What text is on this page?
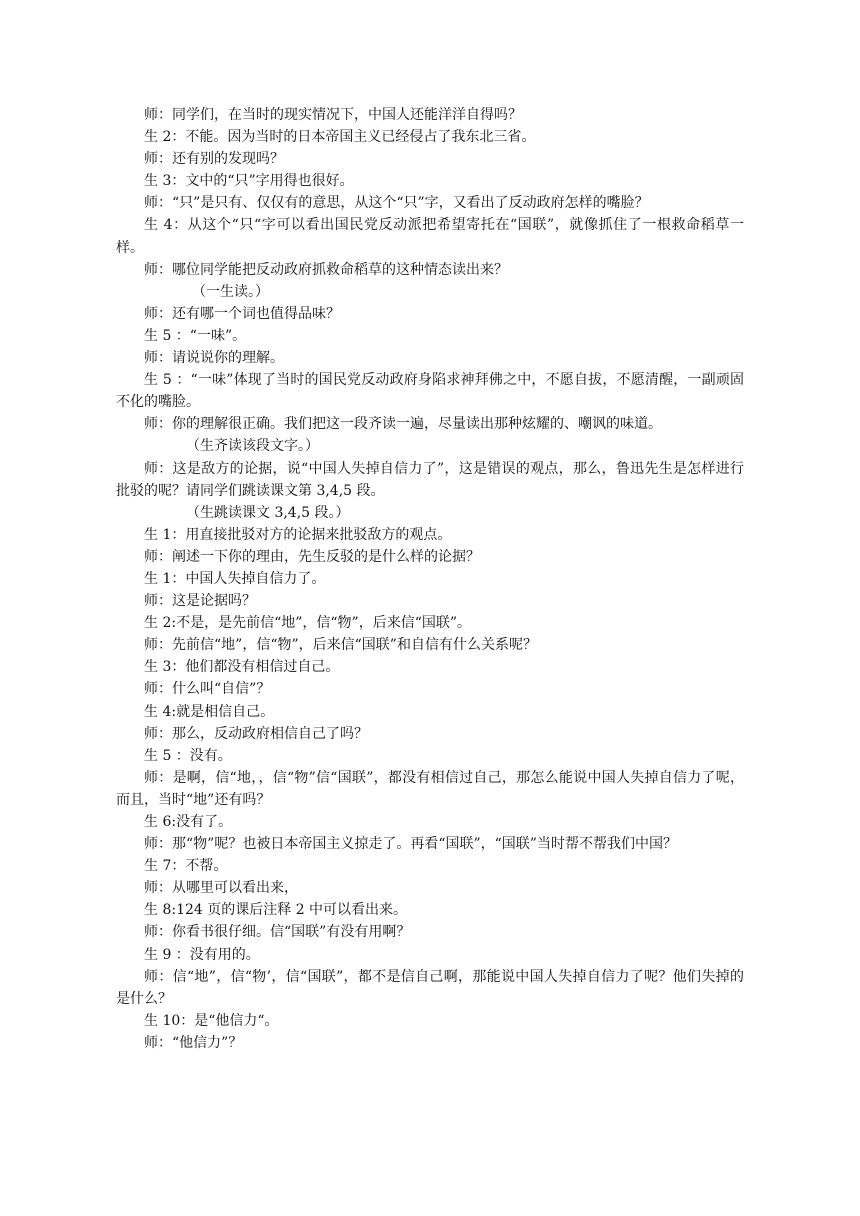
师：同学们，在当时的现实情况下，中国人还能洋洋自得吗？

生 2：不能。因为当时的日本帝国主义已经侵占了我东北三省。

师：还有别的发现吗？

生 3：文中的“只”字用得也很好。

师：“只”是只有、仅仅有的意思，从这个“只”字，又看出了反动政府怎样的嘴脸？

生 4：从这个“只“字可以看出国民党反动派把希望寄托在“国联”，就像抓住了一根救命稻草一样。

师：哪位同学能把反动政府抓救命稻草的这种情态读出来？

（一生读。）

师：还有哪一个词也值得品味？

生 5 ：“一味”。

师：请说说你的理解。

生 5 ：“一味”体现了当时的国民党反动政府身陷求神拜佛之中，不愿自拔，不愿清醒，一副顽固不化的嘴脸。

师：你的理解很正确。我们把这一段齐读一遍，尽量读出那种炫耀的、嘲讽的味道。

（生齐读该段文字。）

师：这是敌方的论据，说“中国人失掉自信力了”，这是错误的观点，那么，鲁迅先生是怎样进行批驳的呢？请同学们跳读课文第 3,4,5 段。

（生跳读课文 3,4,5 段。）

生 1：用直接批驳对方的论据来批驳敌方的观点。

师：阐述一下你的理由，先生反驳的是什么样的论据？

生 1：中国人失掉自信力了。

师：这是论据吗？

生 2:不是，是先前信“地”，信“物”，后来信“国联”。

师：先前信“地”，信“物”，后来信“国联”和自信有什么关系呢？

生 3：他们都没有相信过自己。

师：什么叫“自信”？

生 4:就是相信自己。

师：那么，反动政府相信自己了吗？

生 5 ：没有。

师：是啊，信“地，，信“物”信“国联”，都没有相信过自己，那怎么能说中国人失掉自信力了呢，而且，当时“地”还有吗？

生 6:没有了。

师：那“物”呢？也被日本帝国主义掠走了。再看“国联”，“国联”当时帮不帮我们中国？

生 7：不帮。

师：从哪里可以看出来，

生 8:124 页的课后注释 2 中可以看出来。

师：你看书很仔细。信“国联”有没有用啊？

生 9 ：没有用的。

师：信“地”，信“物’，信“国联”，都不是信自己啊，那能说中国人失掉自信力了呢？他们失掉的是什么？

生 10：是“他信力“。

师：“他信力”？
